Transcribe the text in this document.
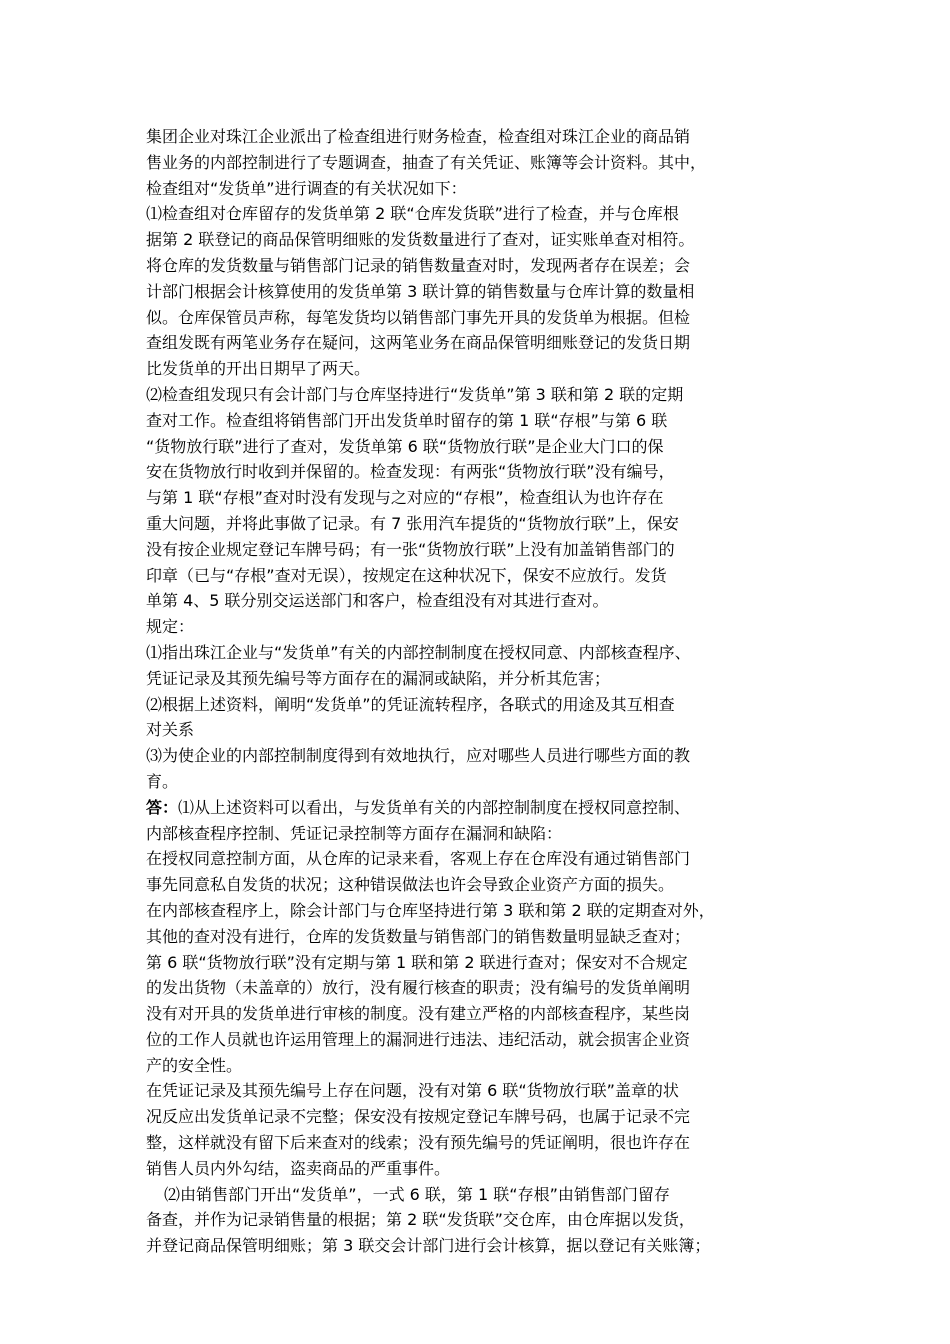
集团企业对珠江企业派出了检查组进行财务检查，检查组对珠江企业的商品销
售业务的内部控制进行了专题调查，抽查了有关凭证、账簿等会计资料。其中，
检查组对“发货单”进行调查的有关状况如下：

⑴检查组对仓库留存的发货单第 2 联“仓库发货联”进行了检查，并与仓库根
据第 2 联登记的商品保管明细账的发货数量进行了查对，证实账单查对相符。
将仓库的发货数量与销售部门记录的销售数量查对时，发现两者存在误差；会
计部门根据会计核算使用的发货单第 3 联计算的销售数量与仓库计算的数量相
似。仓库保管员声称，每笔发货均以销售部门事先开具的发货单为根据。但检
查组发既有两笔业务存在疑问，这两笔业务在商品保管明细账登记的发货日期
比发货单的开出日期早了两天。

⑵检查组发现只有会计部门与仓库坚持进行“发货单”第 3 联和第 2 联的定期
查对工作。检查组将销售部门开出发货单时留存的第 1 联“存根”与第 6 联
“货物放行联”进行了查对，发货单第 6 联“货物放行联”是企业大门口的保
安在货物放行时收到并保留的。检查发现：有两张“货物放行联”没有编号，
与第 1 联“存根”查对时没有发现与之对应的“存根”，检查组认为也许存在
重大问题，并将此事做了记录。有 7 张用汽车提货的“货物放行联”上，保安
没有按企业规定登记车牌号码；有一张“货物放行联”上没有加盖销售部门的
印章（已与“存根”查对无误），按规定在这种状况下，保安不应放行。发货
单第 4、5 联分别交运送部门和客户，检查组没有对其进行查对。

规定：

⑴指出珠江企业与“发货单”有关的内部控制制度在授权同意、内部核查程序、
凭证记录及其预先编号等方面存在的漏洞或缺陷，并分析其危害；

⑵根据上述资料，阐明“发货单”的凭证流转程序，各联式的用途及其互相查
对关系

⑶为使企业的内部控制制度得到有效地执行，应对哪些人员进行哪些方面的教
育。

答：⑴从上述资料可以看出，与发货单有关的内部控制制度在授权同意控制、
内部核查程序控制、凭证记录控制等方面存在漏洞和缺陷：

在授权同意控制方面，从仓库的记录来看，客观上存在仓库没有通过销售部门
事先同意私自发货的状况；这种错误做法也许会导致企业资产方面的损失。

在内部核查程序上，除会计部门与仓库坚持进行第 3 联和第 2 联的定期查对外，
其他的查对没有进行，仓库的发货数量与销售部门的销售数量明显缺乏查对；
第 6 联“货物放行联”没有定期与第 1 联和第 2 联进行查对；保安对不合规定
的发出货物（未盖章的）放行，没有履行核查的职责；没有编号的发货单阐明
没有对开具的发货单进行审核的制度。没有建立严格的内部核查程序，某些岗
位的工作人员就也许运用管理上的漏洞进行违法、违纪活动，就会损害企业资
产的安全性。

在凭证记录及其预先编号上存在问题，没有对第 6 联“货物放行联”盖章的状
况反应出发货单记录不完整；保安没有按规定登记车牌号码，也属于记录不完
整，这样就没有留下后来查对的线索；没有预先编号的凭证阐明，很也许存在
销售人员内外勾结，盗卖商品的严重事件。

⑵由销售部门开出“发货单”，一式 6 联，第 1 联“存根”由销售部门留存
备查，并作为记录销售量的根据；第 2 联“发货联”交仓库，由仓库据以发货，
并登记商品保管明细账；第 3 联交会计部门进行会计核算，据以登记有关账簿；
